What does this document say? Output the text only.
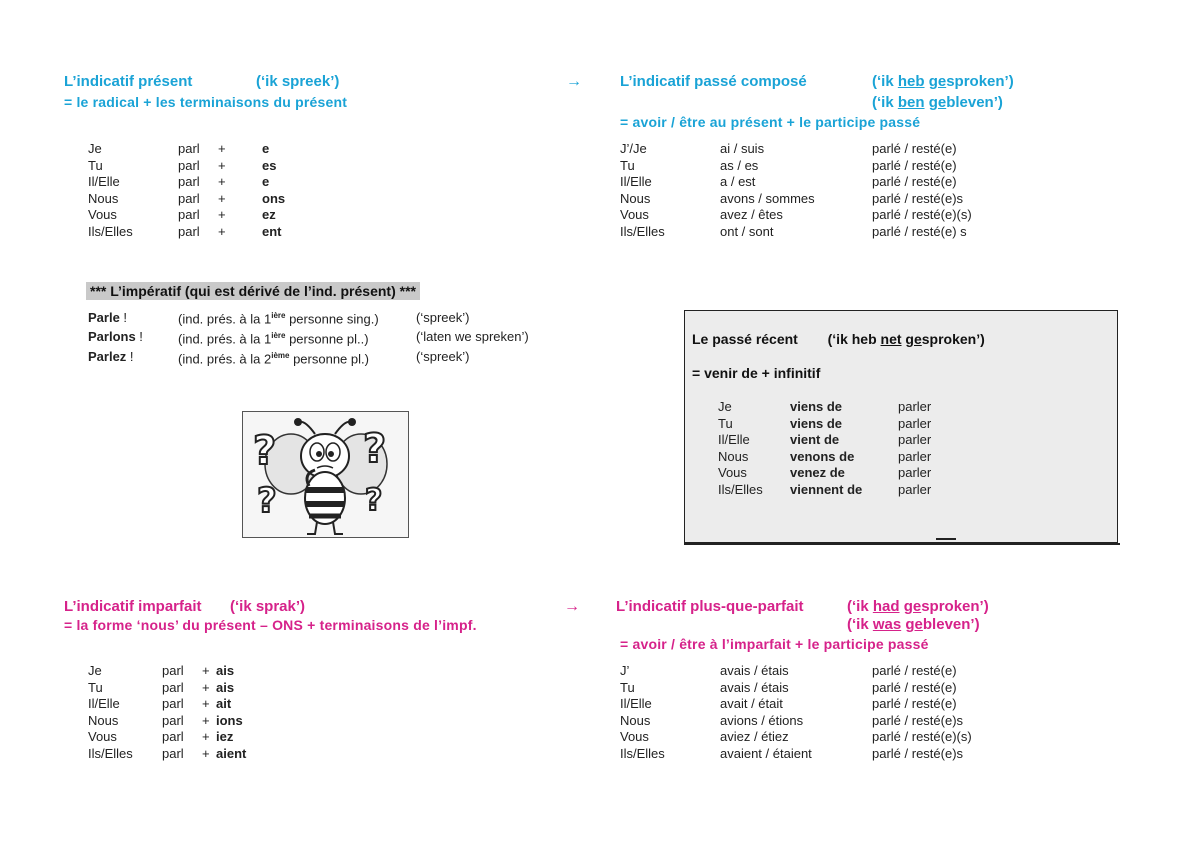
L’indicatif présent	(‘ik spreek’)
= le radical + les terminaisons du présent
Je	parl	+	e
Tu	parl	+	es
Il/Elle	parl	+	e
Nous	parl	+	ons
Vous	parl	+	ez
Ils/Elles	parl	+	ent
→	L’indicatif passé composé	(‘ik heb gesproken’)
(‘ik ben gebleven’)
= avoir / être au présent + le participe passé
J’/Je	ai / suis	parlé / resté(e)
Tu	as / es	parlé / resté(e)
Il/Elle	a / est	parlé / resté(e)
Nous	avons / sommes	parlé / resté(e)s
Vous	avez / êtes	parlé / resté(e)(s)
Ils/Elles	ont / sont	parlé / resté(e) s
*** L’impératif (qui est dérivé de l’ind. présent) ***
Parle !	(ind. prés. à la $1^{ière}$ personne sing.)	(‘spreek’)
Parlons !	(ind. prés. à la $1^{ière}$ personne pl..)	(‘laten we spreken’)
Parlez !	(ind. prés. à la 2ième personne pl.)	(‘spreek’)
? ?
?	?
Le passé récent (‘ik heb net gesproken’)
= venir de + infinitif
Je	viens de	parler
Tu	viens de	parler
Il/Elle	vient de	parler
Nous	venons de	parler
Vous	venez de	parler
Ils/Elles	viennent de	parler
L’indicatif imparfait (‘ik sprak’)
= la forme ‘nous’ du présent – ONS + terminaisons de l’impf.
Je	parl	+	ais
Tu	parl	+	ais
Il/Elle	parl	+	ait
Nous	parl	+	ions
Vous	parl	+	iez
Ils/Elles	parl	+	aient
→ L’indicatif plus-que-parfait	(‘ik had gesproken’)
(‘ik was gebleven’)
= avoir / être à l’imparfait + le participe passé
J’	avais / étais	parlé / resté(e)
Tu	avais / étais	parlé / resté(e)
Il/Elle	avait / était	parlé / resté(e)
Nous	avions / étions	parlé / resté(e)s
Vous	aviez / étiez	parlé / resté(e)(s)
Ils/Elles	avaient / étaient	parlé / resté(e)s
